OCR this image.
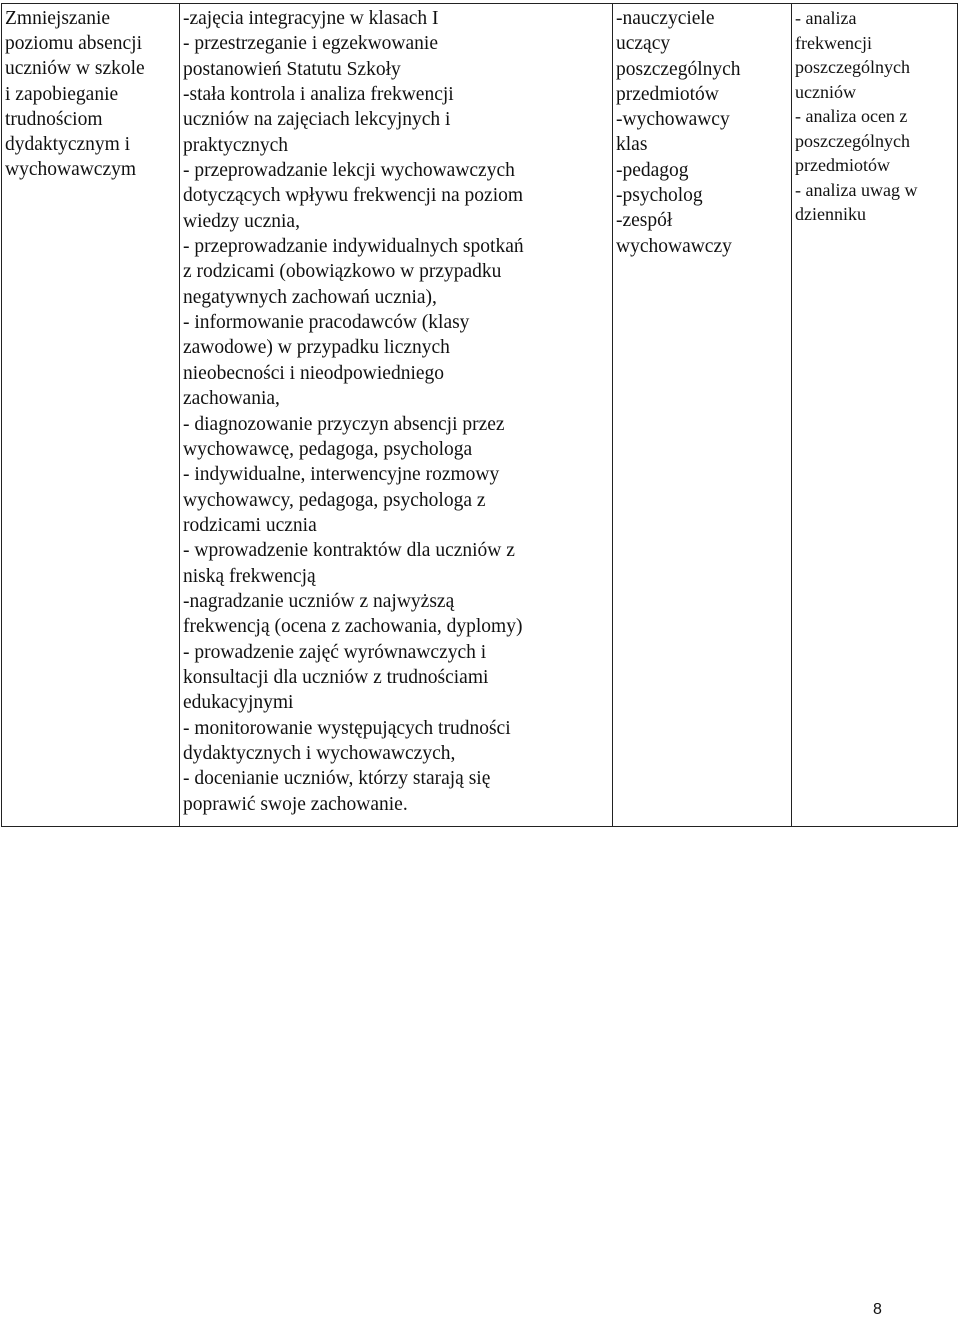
Zmniejszanie
poziomu absencji
uczniów w szkole
i zapobieganie
trudnościom
dydaktycznym i
wychowawczym

-zajęcia integracyjne w klasach I
- przestrzeganie i egzekwowanie
postanowień Statutu Szkoły
-stała kontrola i analiza frekwencji
uczniów na zajęciach lekcyjnych i
praktycznych
- przeprowadzanie lekcji wychowawczych
dotyczących wpływu frekwencji na poziom
wiedzy ucznia,
- przeprowadzanie indywidualnych spotkań
z rodzicami (obowiązkowo w przypadku
negatywnych zachowań ucznia),
- informowanie pracodawców (klasy
zawodowe) w przypadku licznych
nieobecności i nieodpowiedniego
zachowania,
- diagnozowanie przyczyn absencji przez
wychowawcę, pedagoga, psychologa
- indywidualne, interwencyjne rozmowy
wychowawcy, pedagoga, psychologa z
rodzicami ucznia
- wprowadzenie kontraktów dla uczniów z
niską frekwencją
-nagradzanie uczniów z najwyższą
frekwencją (ocena z zachowania, dyplomy)
- prowadzenie zajęć wyrównawczych i
konsultacji dla uczniów z trudnościami
edukacyjnymi
- monitorowanie występujących trudności
dydaktycznych i wychowawczych,
- docenianie uczniów, którzy starają się
poprawić swoje zachowanie.

-nauczyciele
uczący
poszczególnych
przedmiotów
-wychowawcy
klas
-pedagog
-psycholog
-zespół
wychowawczy

- analiza
frekwencji
poszczególnych
uczniów
- analiza ocen z
poszczególnych
przedmiotów
- analiza uwag w
dzienniku
8
